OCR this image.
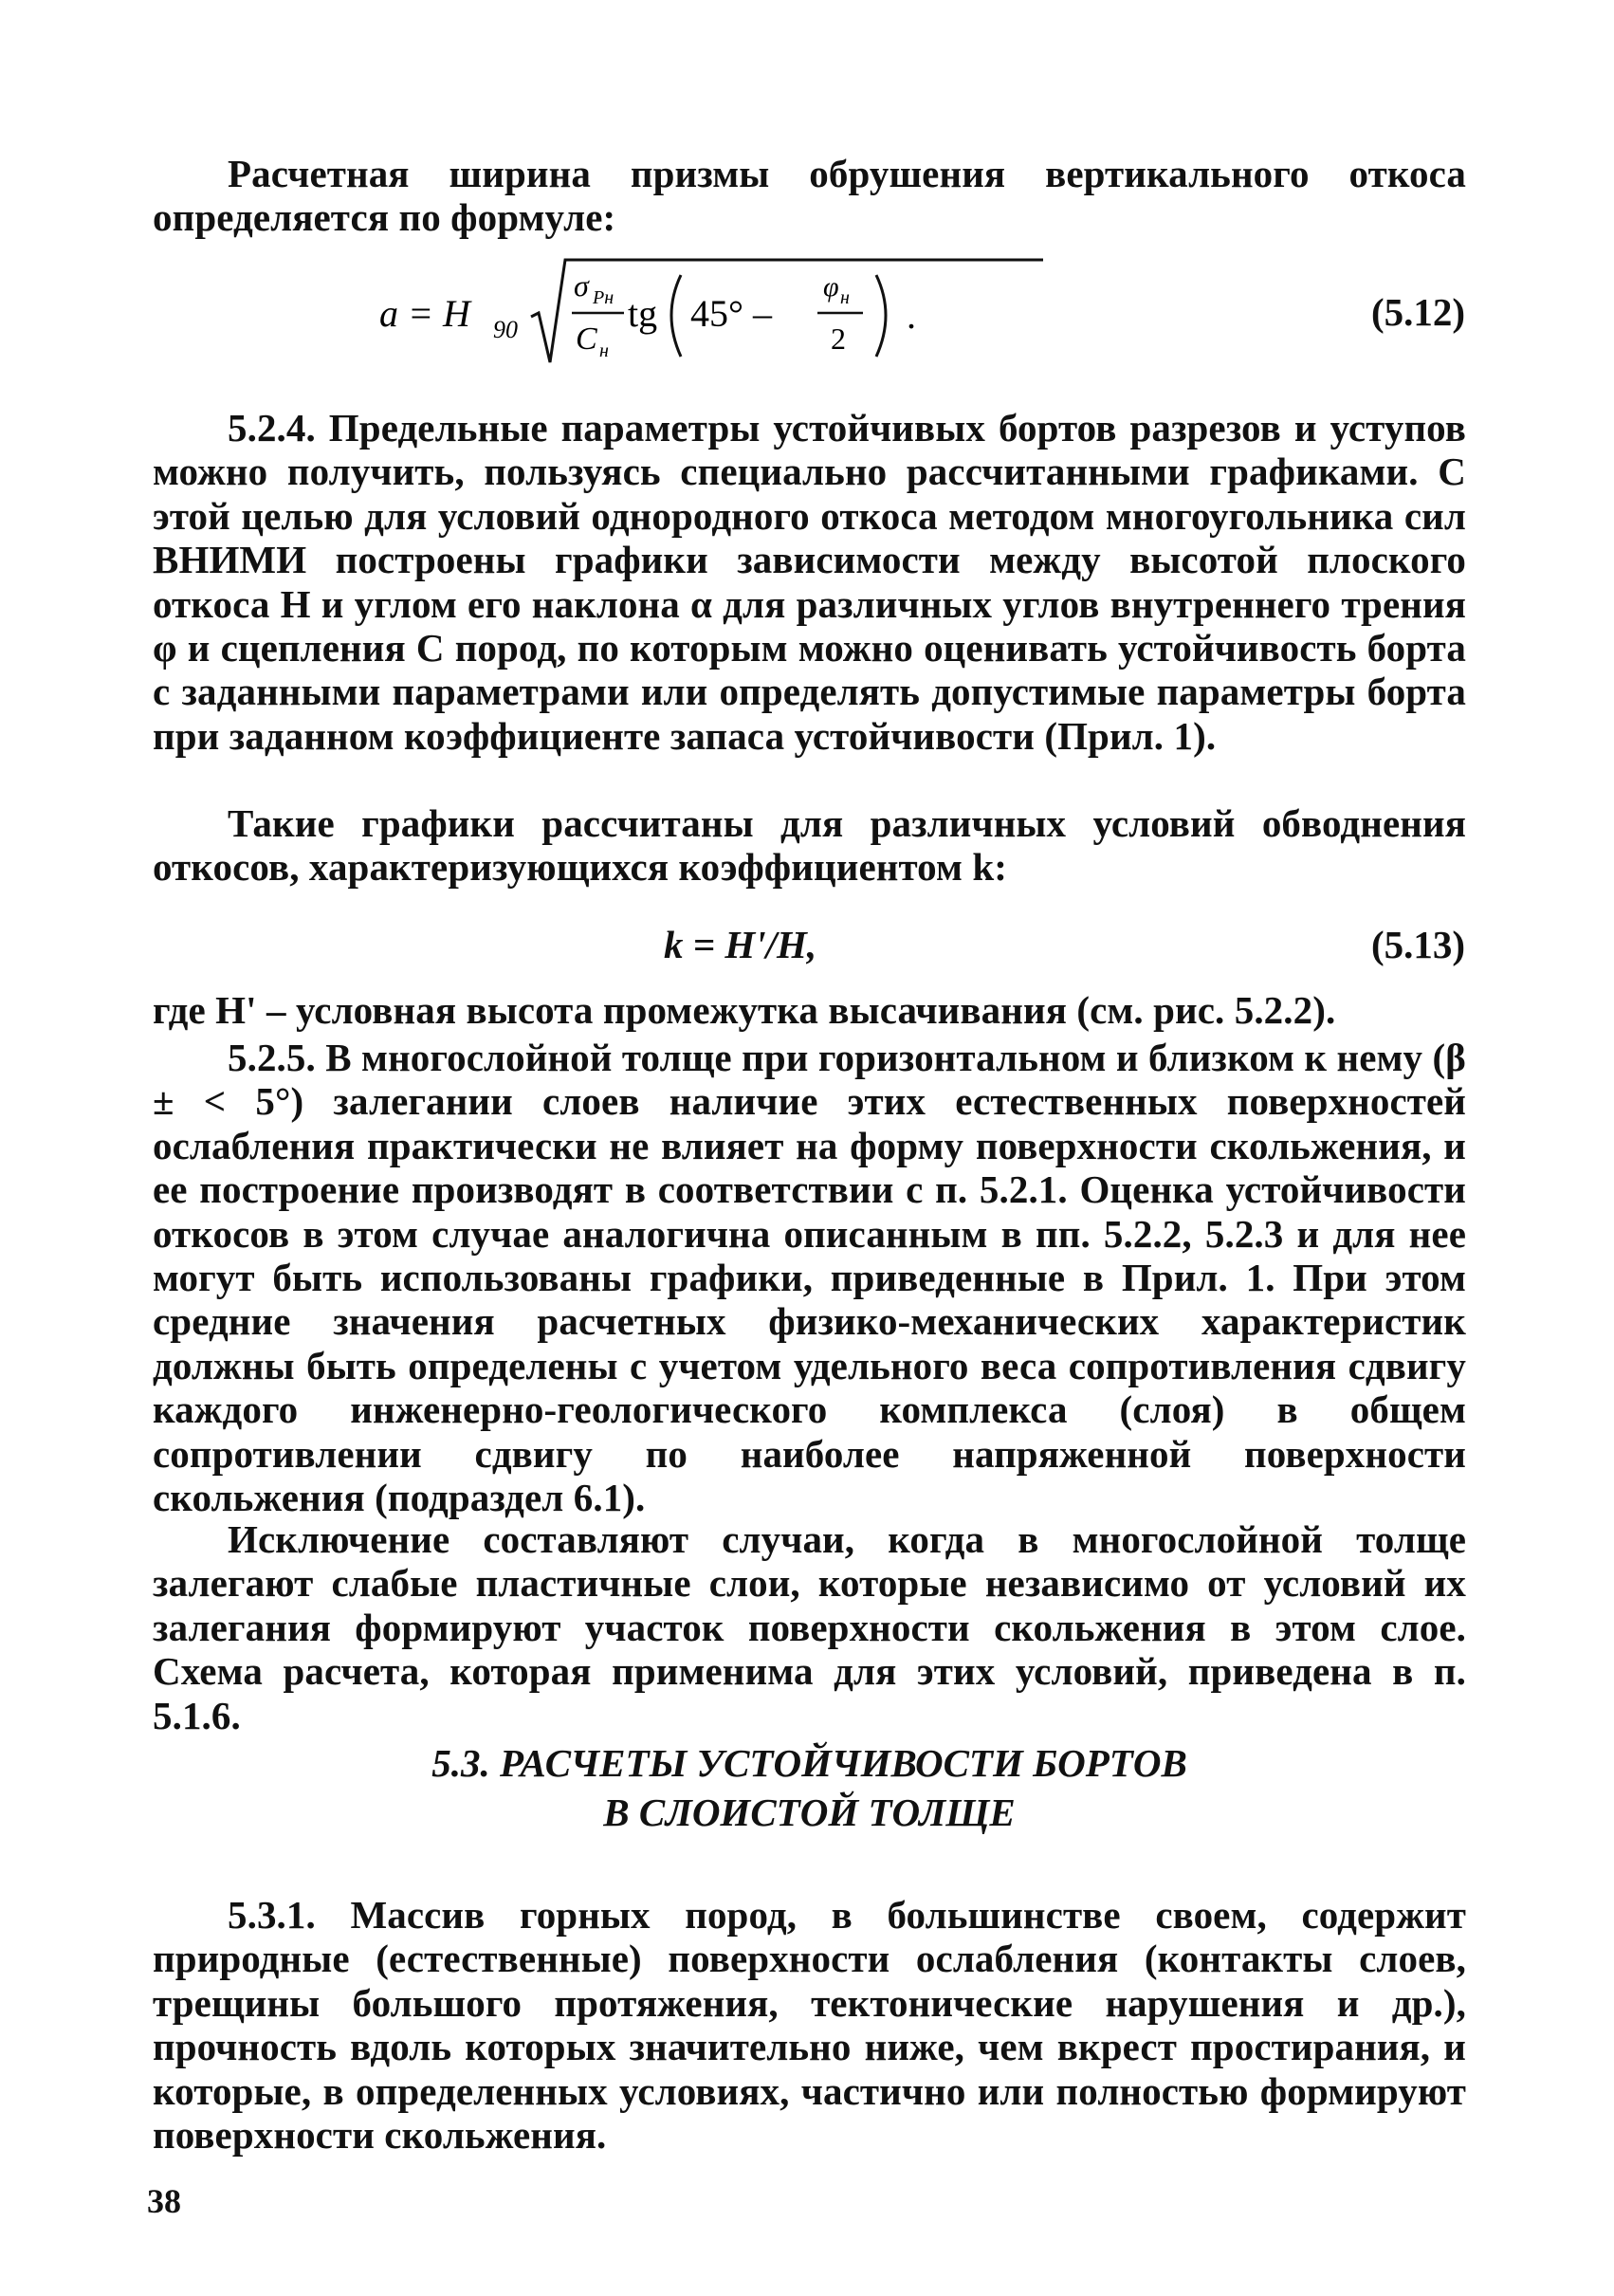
Расчетная ширина призмы обрушения вертикального откоса определяется по формуле:
a = H 90
σ Pн
C н
tg 45° –
φ н
2
.	(5.12)
5.2.4. Предельные параметры устойчивых бортов разрезов и уступов можно получить, пользуясь специально рассчитанными графиками. С этой целью для условий однородного откоса методом многоугольника сил ВНИМИ построены графики зависимости между высотой плоского откоса H и углом его наклона α для различных углов внутреннего трения φ и сцепления C пород, по которым можно оценивать устойчивость борта с заданными параметрами или определять допустимые параметры борта при заданном коэффициенте запаса устойчивости (Прил. 1).
Такие графики рассчитаны для различных условий обводнения откосов, характеризующихся коэффициентом k:
k = H'/H,	(5.13)
где H' – условная высота промежутка высачивания (см. рис. 5.2.2).
5.2.5. В многослойной толще при горизонтальном и близком к нему (β ± < 5°) залегании слоев наличие этих естественных поверхностей ослабления практически не влияет на форму поверхности скольжения, и ее построение производят в соответствии с п. 5.2.1. Оценка устойчивости откосов в этом случае аналогична описанным в пп. 5.2.2, 5.2.3 и для нее могут быть использованы графики, приведенные в Прил. 1. При этом средние значения расчетных физико-механических характеристик должны быть определены с учетом удельного веса сопротивления сдвигу каждого инженерно-геологического комплекса (слоя) в общем сопротивлении сдвигу по наиболее напряженной поверхности скольжения (подраздел 6.1).
Исключение составляют случаи, когда в многослойной толще залегают слабые пластичные слои, которые независимо от условий их залегания формируют участок поверхности скольжения в этом слое. Схема расчета, которая применима для этих условий, приведена в п. 5.1.6.
5.3. РАСЧЕТЫ УСТОЙЧИВОСТИ БОРТОВ
В СЛОИСТОЙ ТОЛЩЕ
5.3.1. Массив горных пород, в большинстве своем, содержит природные (естественные) поверхности ослабления (контакты слоев, трещины большого протяжения, тектонические нарушения и др.), прочность вдоль которых значительно ниже, чем вкрест простирания, и которые, в определенных условиях, частично или полностью формируют поверхности скольжения.
38
